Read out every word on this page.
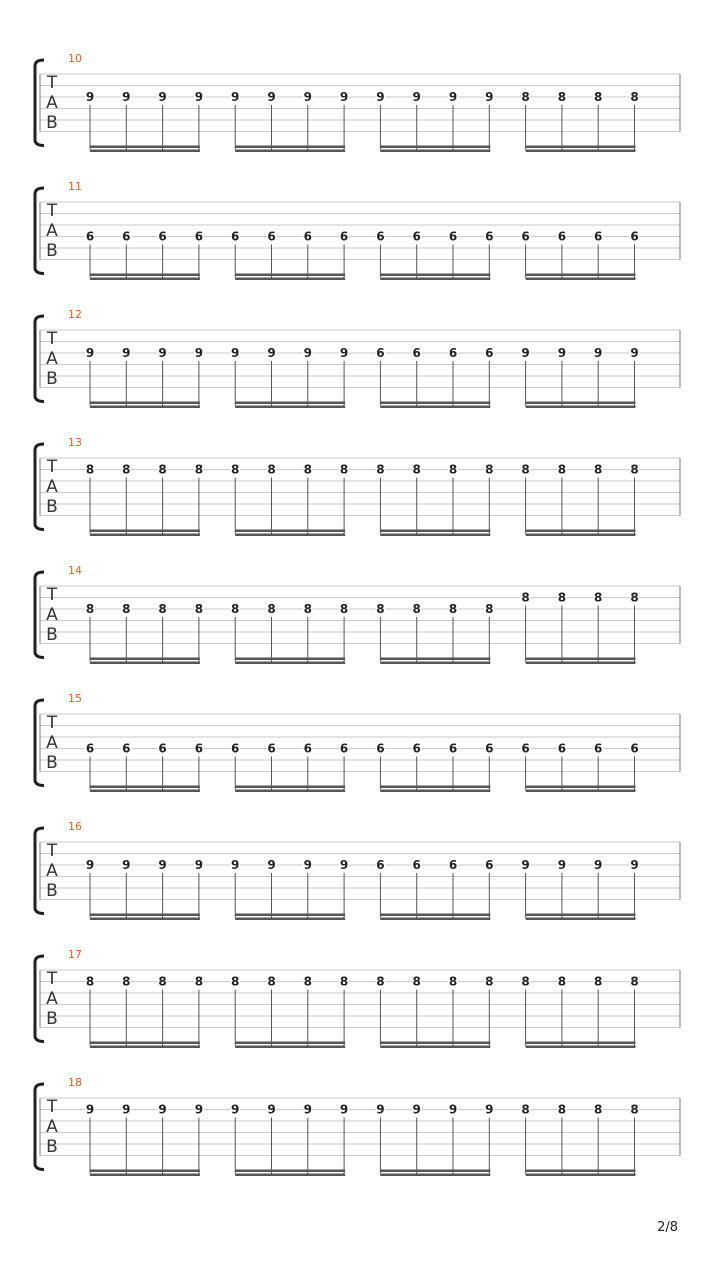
10
T
A
B
9 9 9 9 9 9 9 9 9 9 9 9 8 8 8 8
11
T
A
B
6 6 6 6 6 6 6 6 6 6 6 6 6 6 6 6
12
T
A
B
9 9 9 9 9 9 9 9 6 6 6 6 9 9 9 9
13
T
A
B
8 8 8 8 8 8 8 8 8 8 8 8 8 8 8 8
14
T
A
B
8 8 8 8 8 8 8 8 8 8 8 8
8 8 8 8
15
T
A
B
6 6 6 6 6 6 6 6 6 6 6 6 6 6 6 6
16
T
A
B
9 9 9 9 9 9 9 9 6 6 6 6 9 9 9 9
17
T
A
B
8 8 8 8 8 8 8 8 8 8 8 8 8 8 8 8
18
T
A
B
9 9 9 9 9 9 9 9 9 9 9 9 8 8 8 8
2/8
